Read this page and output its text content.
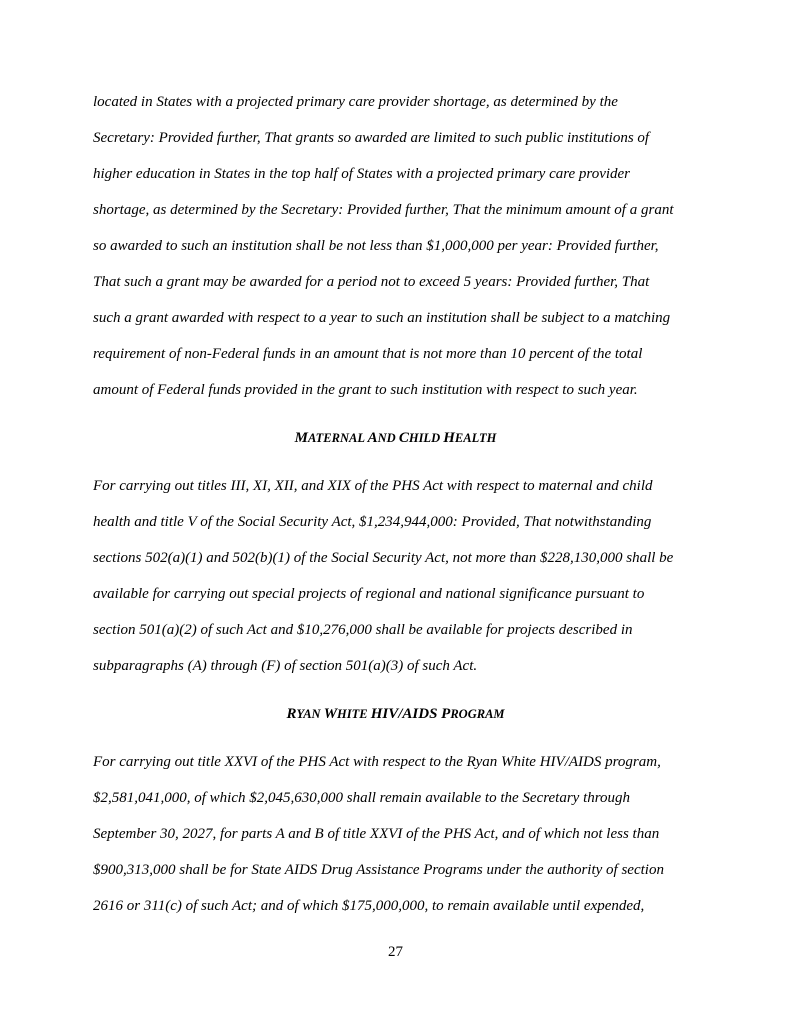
located in States with a projected primary care provider shortage, as determined by the
Secretary: Provided further, That grants so awarded are limited to such public institutions of
higher education in States in the top half of States with a projected primary care provider
shortage, as determined by the Secretary: Provided further, That the minimum amount of a grant
so awarded to such an institution shall be not less than $1,000,000 per year: Provided further,
That such a grant may be awarded for a period not to exceed 5 years: Provided further, That
such a grant awarded with respect to a year to such an institution shall be subject to a matching
requirement of non-Federal funds in an amount that is not more than 10 percent of the total
amount of Federal funds provided in the grant to such institution with respect to such year.
MATERNAL AND CHILD HEALTH
For carrying out titles III, XI, XII, and XIX of the PHS Act with respect to maternal and child
health and title V of the Social Security Act, $1,234,944,000: Provided, That notwithstanding
sections 502(a)(1) and 502(b)(1) of the Social Security Act, not more than $228,130,000 shall be
available for carrying out special projects of regional and national significance pursuant to
section 501(a)(2) of such Act and $10,276,000 shall be available for projects described in
subparagraphs (A) through (F) of section 501(a)(3) of such Act.
RYAN WHITE HIV/AIDS PROGRAM
For carrying out title XXVI of the PHS Act with respect to the Ryan White HIV/AIDS program,
$2,581,041,000, of which $2,045,630,000 shall remain available to the Secretary through
September 30, 2027, for parts A and B of title XXVI of the PHS Act, and of which not less than
$900,313,000 shall be for State AIDS Drug Assistance Programs under the authority of section
2616 or 311(c) of such Act; and of which $175,000,000, to remain available until expended,
27
